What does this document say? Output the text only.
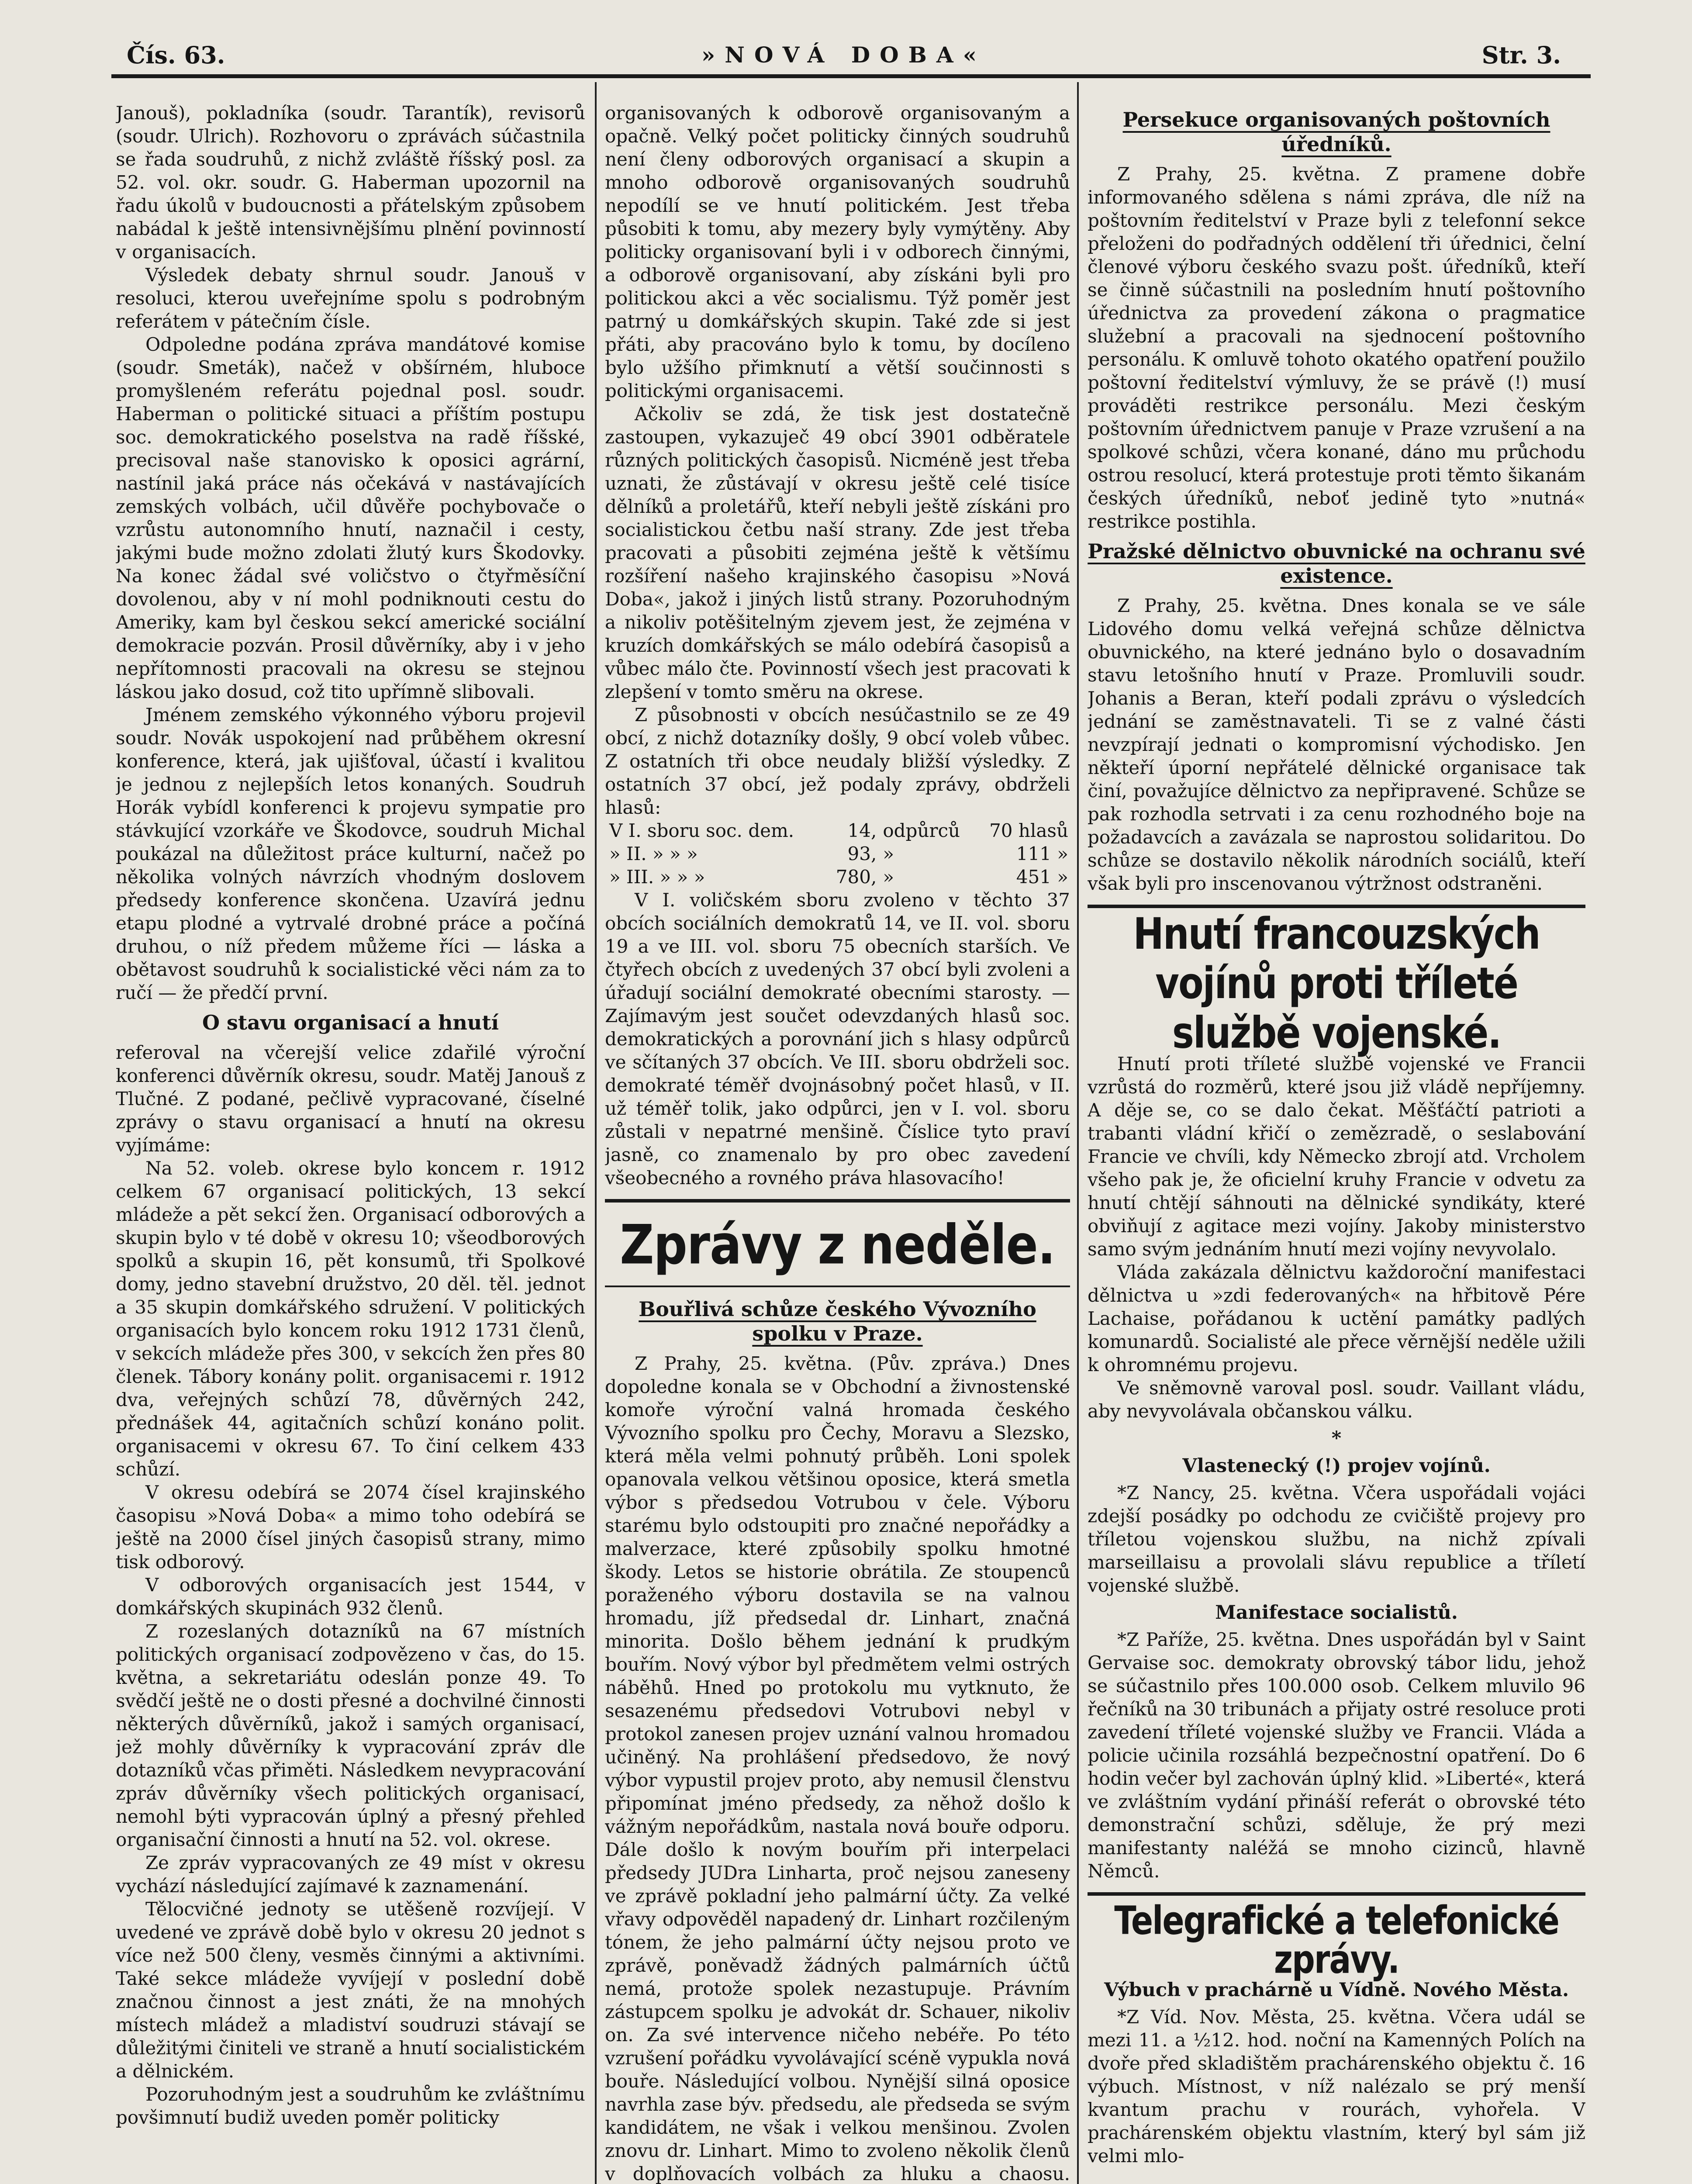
Čís. 63.	»NOVÁ DOBA«	Str. 3.

Janouš), pokladníka (soudr. Tarantík), revisorů (soudr. Ulrich). Rozhovoru o zprávách súčastnila se řada soudruhů, z nichž zvláště říšský posl. za 52. vol. okr. soudr. G. Haberman upozornil na řadu úkolů v budoucnosti a přátelským způsobem nabádal k ještě intensivnějšímu plnění povinností v organisacích.

Výsledek debaty shrnul soudr. Janouš v resoluci, kterou uveřejníme spolu s podrobným referátem v pátečním čísle.

Odpoledne podána zpráva mandátové komise (soudr. Smeták), načež v obšírném, hluboce promyšleném referátu pojednal posl. soudr. Haberman o politické situaci a příštím postupu soc. demokratického poselstva na radě říšské, precisoval naše stanovisko k oposici agrární, nastínil jaká práce nás očekává v nastávajících zemských volbách, učil důvěře pochybovače o vzrůstu autonomního hnutí, naznačil i cesty, jakými bude možno zdolati žlutý kurs Škodovky. Na konec žádal své voličstvo o čtyřměsíční dovolenou, aby v ní mohl podniknouti cestu do Ameriky, kam byl českou sekcí americké sociální demokracie pozván. Prosil důvěrníky, aby i v jeho nepřítomnosti pracovali na okresu se stejnou láskou jako dosud, což tito upřímně slibovali.

Jménem zemského výkonného výboru projevil soudr. Novák uspokojení nad průběhem okresní konference, která, jak ujišťoval, účastí i kvalitou je jednou z nejlepších letos konaných. Soudruh Horák vybídl konferenci k projevu sympatie pro stávkující vzorkáře ve Škodovce, soudruh Michal poukázal na důležitost práce kulturní, načež po několika volných návrzích vhodným doslovem předsedy konference skončena. Uzavírá jednu etapu plodné a vytrvalé drobné práce a počíná druhou, o níž předem můžeme říci — láska a obětavost soudruhů k socialistické věci nám za to ručí — že předčí první.

O stavu organisací a hnutí

referoval na včerejší velice zdařilé výroční konferenci důvěrník okresu, soudr. Matěj Janouš z Tlučné. Z podané, pečlivě vypracované, číselné zprávy o stavu organisací a hnutí na okresu vyjímáme:

Na 52. voleb. okrese bylo koncem r. 1912 celkem 67 organisací politických, 13 sekcí mládeže a pět sekcí žen. Organisací odborových a skupin bylo v té době v okresu 10; všeodborových spolků a skupin 16, pět konsumů, tři Spolkové domy, jedno stavební družstvo, 20 děl. těl. jednot a 35 skupin domkářského sdružení. V politických organisacích bylo koncem roku 1912 1731 členů, v sekcích mládeže přes 300, v sekcích žen přes 80 členek. Tábory konány polit. organisacemi r. 1912 dva, veřejných schůzí 78, důvěrných 242, přednášek 44, agitačních schůzí konáno polit. organisacemi v okresu 67. To činí celkem 433 schůzí.

V okresu odebírá se 2074 čísel krajinského časopisu »Nová Doba« a mimo toho odebírá se ještě na 2000 čísel jiných časopisů strany, mimo tisk odborový.

V odborových organisacích jest 1544, v domkářských skupinách 932 členů.

Z rozeslaných dotazníků na 67 místních politických organisací zodpovězeno v čas, do 15. května, a sekretariátu odeslán ponze 49. To svědčí ještě ne o dosti přesné a dochvilné činnosti některých důvěrníků, jakož i samých organisací, jež mohly důvěrníky k vypracování zpráv dle dotazníků včas přiměti. Následkem nevypracování zpráv důvěrníky všech politických organisací, nemohl býti vypracován úplný a přesný přehled organisační činnosti a hnutí na 52. vol. okrese.

Ze zpráv vypracovaných ze 49 míst v okresu vychází následující zajímavé k zaznamenání.

Tělocvičné jednoty se utěšeně rozvíjejí. V uvedené ve zprávě době bylo v okresu 20 jednot s více než 500 členy, vesměs činnými a aktivními. Také sekce mládeže vyvíjejí v poslední době značnou činnost a jest znáti, že na mnohých místech mládež a mladiství soudruzi stávají se důležitými činiteli ve straně a hnutí socialistickém a dělnickém.

Pozoruhodným jest a soudruhům ke zvláštnímu povšimnutí budiž uveden poměr politicky

organisovaných k odborově organisovaným a opačně. Velký počet politicky činných soudruhů není členy odborových organisací a skupin a mnoho odborově organisovaných soudruhů nepodílí se ve hnutí politickém. Jest třeba působiti k tomu, aby mezery byly vymýtěny. Aby politicky organisovaní byli i v odborech činnými, a odborově organisovaní, aby získáni byli pro politickou akci a věc socialismu. Týž poměr jest patrný u domkářských skupin. Také zde si jest přáti, aby pracováno bylo k tomu, by docíleno bylo užšího přimknutí a větší součinnosti s politickými organisacemi.

Ačkoliv se zdá, že tisk jest dostatečně zastoupen, vykazuječ 49 obcí 3901 odběratele různých politických časopisů. Nicméně jest třeba uznati, že zůstávají v okresu ještě celé tisíce dělníků a proletářů, kteří nebyli ještě získáni pro socialistickou četbu naší strany. Zde jest třeba pracovati a působiti zejména ještě k většímu rozšíření našeho krajinského časopisu »Nová Doba«, jakož i jiných listů strany. Pozoruhodným a nikoliv potěšitelným zjevem jest, že zejména v kruzích domkářských se málo odebírá časopisů a vůbec málo čte. Povinností všech jest pracovati k zlepšení v tomto směru na okrese.

Z působnosti v obcích nesúčastnilo se ze 49 obcí, z nichž dotazníky došly, 9 obcí voleb vůbec. Z ostatních tři obce neudaly bližší výsledky. Z ostatních 37 obcí, jež podaly zprávy, obdrželi hlasů:

V I. sboru soc. dem.	14,	odpůrců	70 hlasů
» II. » » »	93,	»	111 »
» III. » » »	780,	»	451 »

V I. voličském sboru zvoleno v těchto 37 obcích sociálních demokratů 14, ve II. vol. sboru 19 a ve III. vol. sboru 75 obecních starších. Ve čtyřech obcích z uvedených 37 obcí byli zvoleni a úřadují sociální demokraté obecními starosty. — Zajímavým jest součet odevzdaných hlasů soc. demokratických a porovnání jich s hlasy odpůrců ve sčítaných 37 obcích. Ve III. sboru obdrželi soc. demokraté téměř dvojnásobný počet hlasů, v II. už téměř tolik, jako odpůrci, jen v I. vol. sboru zůstali v nepatrné menšině. Číslice tyto praví jasně, co znamenalo by pro obec zavedení všeobecného a rovného práva hlasovacího!

Zprávy z neděle.
Bouřlivá schůze českého Vývozního spolku v Praze.

Z Prahy, 25. května. (Pův. zpráva.) Dnes dopoledne konala se v Obchodní a živnostenské komoře výroční valná hromada českého Vývozního spolku pro Čechy, Moravu a Slezsko, která měla velmi pohnutý průběh. Loni spolek opanovala velkou většinou oposice, která smetla výbor s předsedou Votrubou v čele. Výboru starému bylo odstoupiti pro značné nepořádky a malverzace, které způsobily spolku hmotné škody. Letos se historie obrátila. Ze stoupenců poraženého výboru dostavila se na valnou hromadu, jíž předsedal dr. Linhart, značná minorita. Došlo během jednání k prudkým bouřím. Nový výbor byl předmětem velmi ostrých náběhů. Hned po protokolu mu vytknuto, že sesazenému předsedovi Votrubovi nebyl v protokol zanesen projev uznání valnou hromadou učiněný. Na prohlášení předsedovo, že nový výbor vypustil projev proto, aby nemusil členstvu připomínat jméno předsedy, za něhož došlo k vážným nepořádkům, nastala nová bouře odporu. Dále došlo k novým bouřím při interpelaci předsedy JUDra Linharta, proč nejsou zaneseny ve zprávě pokladní jeho palmární účty. Za velké vřavy odpověděl napadený dr. Linhart rozčileným tónem, že jeho palmární účty nejsou proto ve zprávě, poněvadž žádných palmárních účtů nemá, protože spolek nezastupuje. Právním zástupcem spolku je advokát dr. Schauer, nikoliv on. Za své intervence ničeho nebéře. Po této vzrušení pořádku vyvolávající scéně vypukla nová bouře. Následující volbou. Nynější silná oposice navrhla zase býv. předsedu, ale předseda se svým kandidátem, ne však i velkou menšinou. Zvolen znovu dr. Linhart. Mimo to zvoleno několik členů v doplňovacích volbách za hluku a chaosu.

Persekuce organisovaných poštovních úředníků.

Z Prahy, 25. května. Z pramene dobře informovaného sdělena s námi zpráva, dle níž na poštovním ředitelství v Praze byli z telefonní sekce přeloženi do podřadných oddělení tři úřednici, čelní členové výboru českého svazu pošt. úředníků, kteří se činně súčastnili na posledním hnutí poštovního úřednictva za provedení zákona o pragmatice služební a pracovali na sjednocení poštovního personálu. K omluvě tohoto okatého opatření použilo poštovní ředitelství výmluvy, že se právě (!) musí prováděti restrikce personálu. Mezi českým poštovním úřednictvem panuje v Praze vzrušení a na spolkové schůzi, včera konané, dáno mu průchodu ostrou resolucí, která protestuje proti těmto šikanám českých úředníků, neboť jedině tyto »nutná« restrikce postihla.

Pražské dělnictvo obuvnické na ochranu své existence.

Z Prahy, 25. května. Dnes konala se ve sále Lidového domu velká veřejná schůze dělnictva obuvnického, na které jednáno bylo o dosavadním stavu letošního hnutí v Praze. Promluvili soudr. Johanis a Beran, kteří podali zprávu o výsledcích jednání se zaměstnavateli. Ti se z valné části nevzpírají jednati o kompromisní východisko. Jen někteří úporní nepřátelé dělnické organisace tak činí, považujíce dělnictvo za nepřipravené. Schůze se pak rozhodla setrvati i za cenu rozhodného boje na požadavcích a zavázala se naprostou solidaritou. Do schůze se dostavilo několik národních sociálů, kteří však byli pro inscenovanou výtržnost odstraněni.

Hnutí francouzských vojínů proti tříleté službě vojenské.

Hnutí proti tříleté službě vojenské ve Francii vzrůstá do rozměrů, které jsou již vládě nepříjemny. A děje se, co se dalo čekat. Měšťáčtí patrioti a trabanti vládní křičí o zemězradě, o seslabování Francie ve chvíli, kdy Německo zbrojí atd. Vrcholem všeho pak je, že oficielní kruhy Francie v odvetu za hnutí chtějí sáhnouti na dělnické syndikáty, které obviňují z agitace mezi vojíny. Jakoby ministerstvo samo svým jednáním hnutí mezi vojíny nevyvolalo.

Vláda zakázala dělnictvu každoroční manifestaci dělnictva u »zdi federovaných« na hřbitově Pére Lachaise, pořádanou k uctění památky padlých komunardů. Socialisté ale přece věrnější neděle užili k ohromnému projevu.

Ve sněmovně varoval posl. soudr. Vaillant vládu, aby nevyvolávala občanskou válku.

*
Vlastenecký (!) projev vojínů.

*Z Nancy, 25. května. Včera uspořádali vojáci zdejší posádky po odchodu ze cvičiště projevy pro tříletou vojenskou službu, na nichž zpívali marseillaisu a provolali slávu republice a tříletí vojenské službě.

Manifestace socialistů.

*Z Paříže, 25. května. Dnes uspořádán byl v Saint Gervaise soc. demokraty obrovský tábor lidu, jehož se súčastnilo přes 100.000 osob. Celkem mluvilo 96 řečníků na 30 tribunách a přijaty ostré resoluce proti zavedení tříleté vojenské služby ve Francii. Vláda a policie učinila rozsáhlá bezpečnostní opatření. Do 6 hodin večer byl zachován úplný klid. »Liberté«, která ve zvláštním vydání přináší referát o obrovské této demonstrační schůzi, sděluje, že prý mezi manifestanty naléžá se mnoho cizinců, hlavně Němců.

Telegrafické a telefonické zprávy.
Výbuch v prachárně u Vídně. Nového Města.

*Z Víd. Nov. Města, 25. května. Včera udál se mezi 11. a ½12. hod. noční na Kamenných Polích na dvoře před skladištěm prachárenského objektu č. 16 výbuch. Místnost, v níž nalézalo se prý menší kvantum prachu v rourách, vyhořela. V prachárenském objektu vlastním, který byl sám již velmi mlo-
